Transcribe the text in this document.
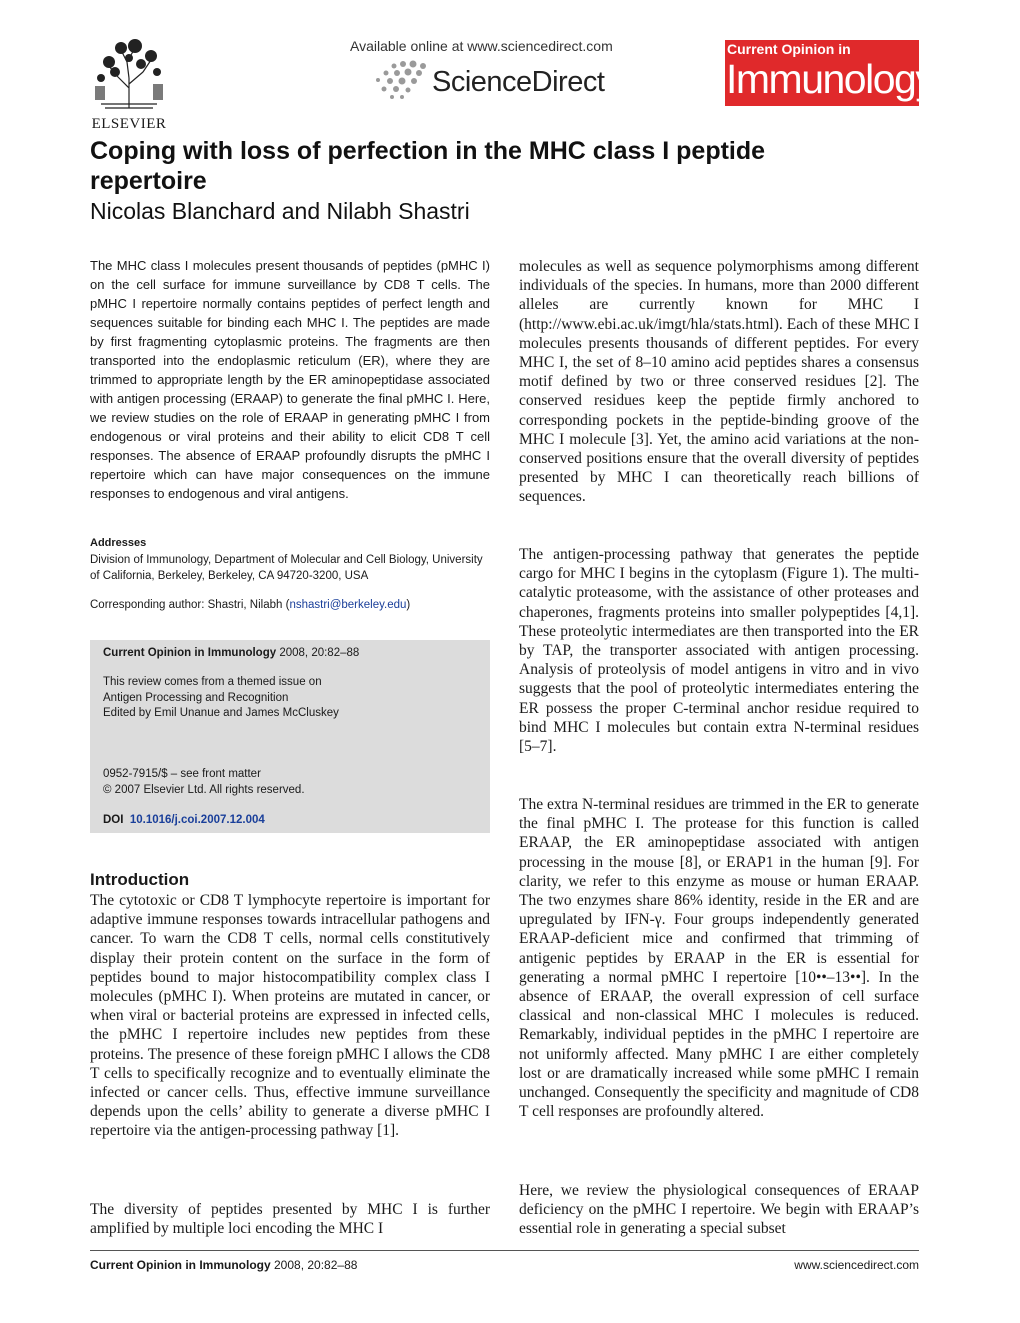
ELSEVIER
Available online at www.sciencedirect.com
ScienceDirect
Current Opinion in
Immunology
Coping with loss of perfection in the MHC class I peptide repertoire
Nicolas Blanchard and Nilabh Shastri

The MHC class I molecules present thousands of peptides (pMHC I) on the cell surface for immune surveillance by CD8 T cells. The pMHC I repertoire normally contains peptides of perfect length and sequences suitable for binding each MHC I. The peptides are made by first fragmenting cytoplasmic proteins. The fragments are then transported into the endoplasmic reticulum (ER), where they are trimmed to appropriate length by the ER aminopeptidase associated with antigen processing (ERAAP) to generate the final pMHC I. Here, we review studies on the role of ERAAP in generating pMHC I from endogenous or viral proteins and their ability to elicit CD8 T cell responses. The absence of ERAAP profoundly disrupts the pMHC I repertoire which can have major consequences on the immune responses to endogenous and viral antigens.

Addresses
Division of Immunology, Department of Molecular and Cell Biology, University of California, Berkeley, Berkeley, CA 94720-3200, USA
Corresponding author: Shastri, Nilabh (nshastri@berkeley.edu)
Current Opinion in Immunology 2008, 20:82–88
This review comes from a themed issue on
Antigen Processing and Recognition
Edited by Emil Unanue and James McCluskey
0952-7915/$ – see front matter
© 2007 Elsevier Ltd. All rights reserved.
DOI 10.1016/j.coi.2007.12.004
Introduction

The cytotoxic or CD8 T lymphocyte repertoire is important for adaptive immune responses towards intracellular pathogens and cancer. To warn the CD8 T cells, normal cells constitutively display their protein content on the surface in the form of peptides bound to major histocompatibility complex class I molecules (pMHC I). When proteins are mutated in cancer, or when viral or bacterial proteins are expressed in infected cells, the pMHC I repertoire includes new peptides from these proteins. The presence of these foreign pMHC I allows the CD8 T cells to specifically recognize and to eventually eliminate the infected or cancer cells. Thus, effective immune surveillance depends upon the cells’ ability to generate a diverse pMHC I repertoire via the antigen-processing pathway [1].

The diversity of peptides presented by MHC I is further amplified by multiple loci encoding the MHC I

molecules as well as sequence polymorphisms among different individuals of the species. In humans, more than 2000 different alleles are currently known for MHC I (http://www.ebi.ac.uk/imgt/hla/stats.html). Each of these MHC I molecules presents thousands of different peptides. For every MHC I, the set of 8–10 amino acid peptides shares a consensus motif defined by two or three conserved residues [2]. The conserved residues keep the peptide firmly anchored to corresponding pockets in the peptide-binding groove of the MHC I molecule [3]. Yet, the amino acid variations at the non-conserved positions ensure that the overall diversity of peptides presented by MHC I can theoretically reach billions of sequences.

The antigen-processing pathway that generates the peptide cargo for MHC I begins in the cytoplasm (Figure 1). The multi-catalytic proteasome, with the assistance of other proteases and chaperones, fragments proteins into smaller polypeptides [4,1]. These proteolytic intermediates are then transported into the ER by TAP, the transporter associated with antigen processing. Analysis of proteolysis of model antigens in vitro and in vivo suggests that the pool of proteolytic intermediates entering the ER possess the proper C-terminal anchor residue required to bind MHC I molecules but contain extra N-terminal residues [5–7].

The extra N-terminal residues are trimmed in the ER to generate the final pMHC I. The protease for this function is called ERAAP, the ER aminopeptidase associated with antigen processing in the mouse [8], or ERAP1 in the human [9]. For clarity, we refer to this enzyme as mouse or human ERAAP. The two enzymes share 86% identity, reside in the ER and are upregulated by IFN-γ. Four groups independently generated ERAAP-deficient mice and confirmed that trimming of antigenic peptides by ERAAP in the ER is essential for generating a normal pMHC I repertoire [10••–13••]. In the absence of ERAAP, the overall expression of cell surface classical and non-classical MHC I molecules is reduced. Remarkably, individual peptides in the pMHC I repertoire are not uniformly affected. Many pMHC I are either completely lost or are dramatically increased while some pMHC I remain unchanged. Consequently the specificity and magnitude of CD8 T cell responses are profoundly altered.

Here, we review the physiological consequences of ERAAP deficiency on the pMHC I repertoire. We begin with ERAAP’s essential role in generating a special subset

Current Opinion in Immunology 2008, 20:82–88	www.sciencedirect.com
